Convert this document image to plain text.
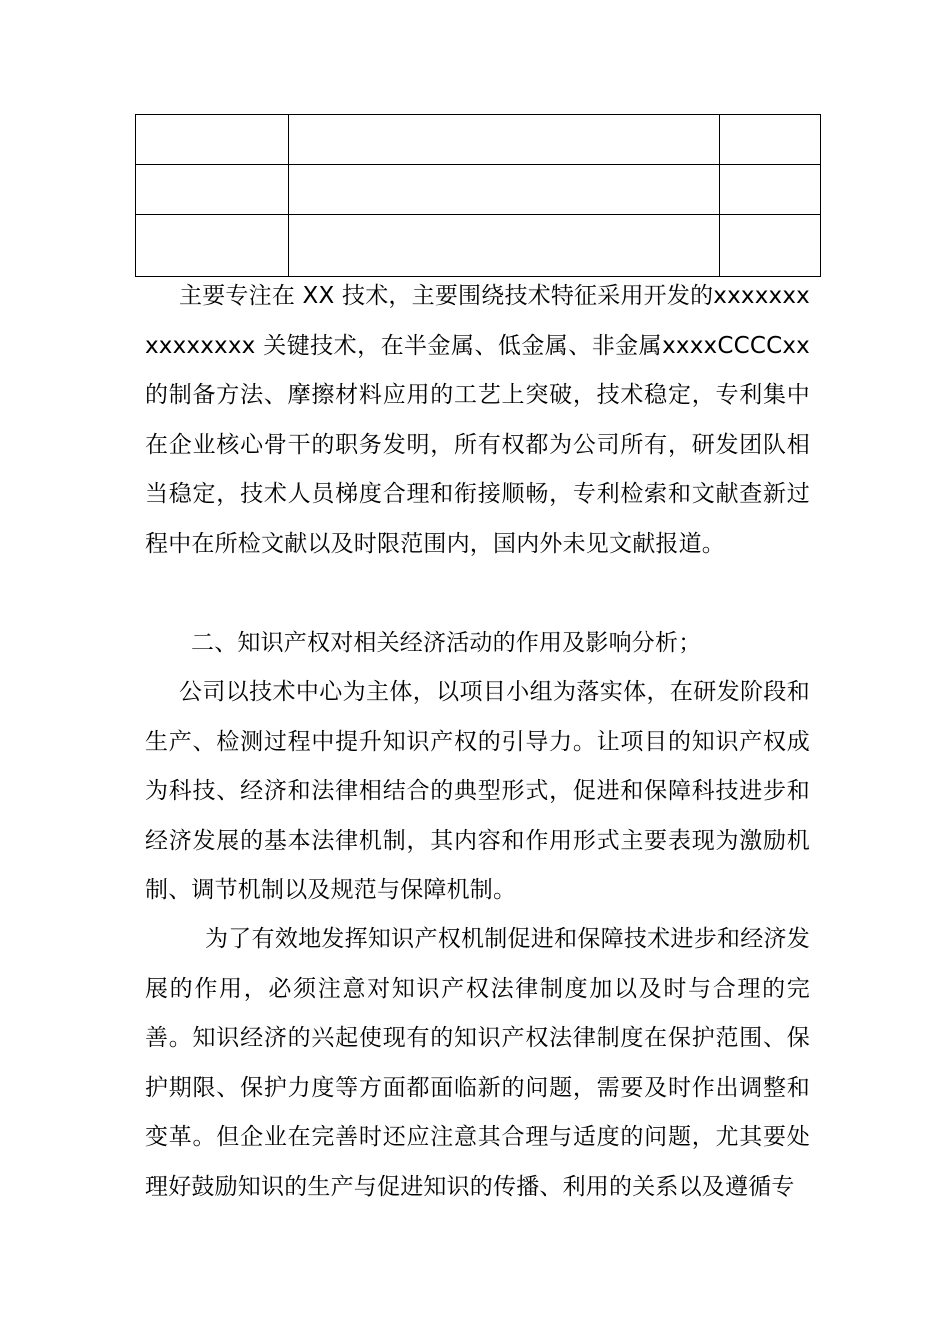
主要专注在 XX 技术，主要围绕技术特征采用开发的xxxxxxxxxxxxxxx 关键技术，在半金属、低金属、非金属xxxxCCCCxx的制备方法、摩擦材料应用的工艺上突破，技术稳定，专利集中在企业核心骨干的职务发明，所有权都为公司所有，研发团队相当稳定，技术人员梯度合理和衔接顺畅，专利检索和文献查新过程中在所检文献以及时限范围内，国内外未见文献报道。

二、知识产权对相关经济活动的作用及影响分析；

公司以技术中心为主体，以项目小组为落实体，在研发阶段和生产、检测过程中提升知识产权的引导力。让项目的知识产权成为科技、经济和法律相结合的典型形式，促进和保障科技进步和经济发展的基本法律机制，其内容和作用形式主要表现为激励机制、调节机制以及规范与保障机制。

为了有效地发挥知识产权机制促进和保障技术进步和经济发展的作用，必须注意对知识产权法律制度加以及时与合理的完善。知识经济的兴起使现有的知识产权法律制度在保护范围、保护期限、保护力度等方面都面临新的问题，需要及时作出调整和变革。但企业在完善时还应注意其合理与适度的问题，尤其要处理好鼓励知识的生产与促进知识的传播、利用的关系以及遵循专
